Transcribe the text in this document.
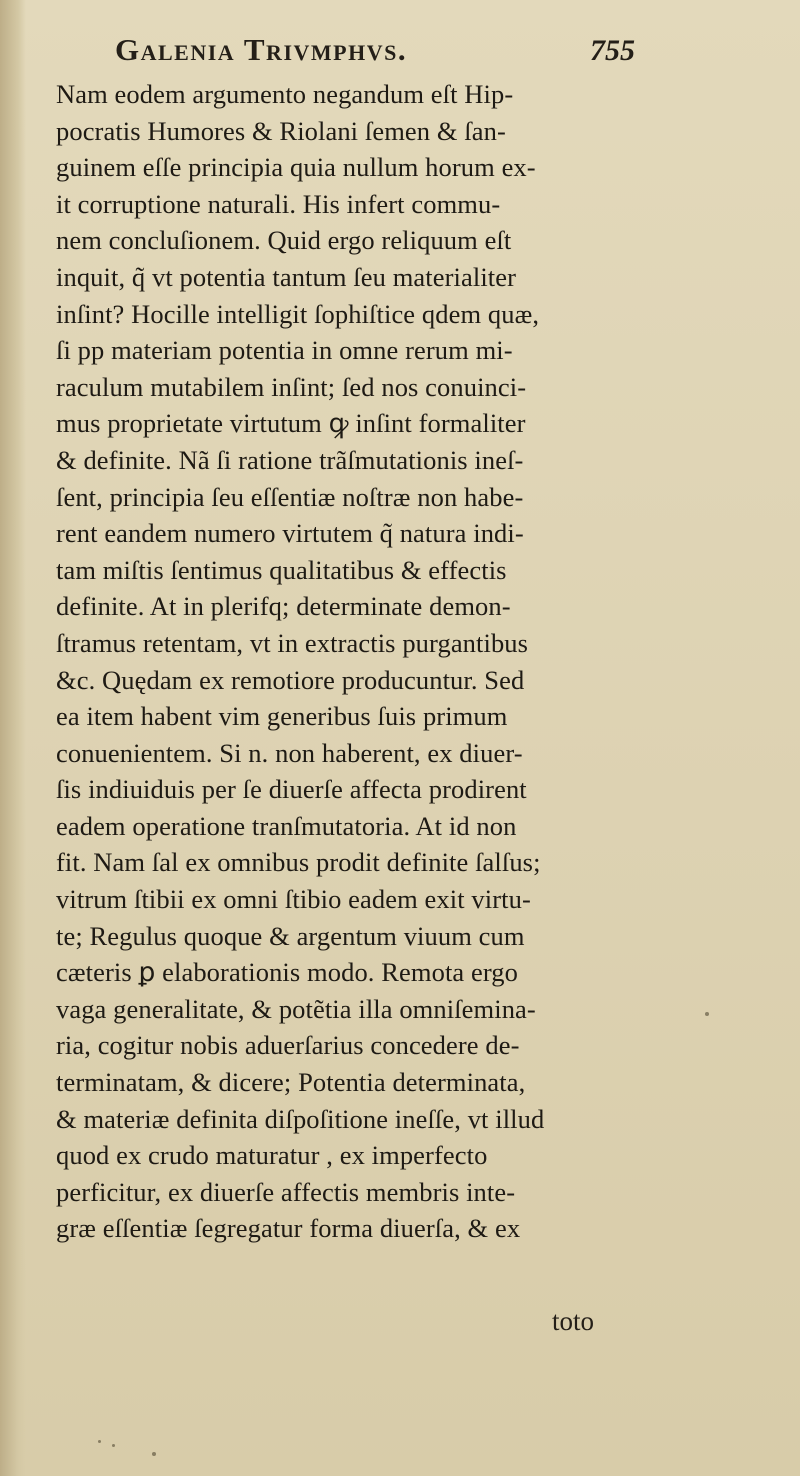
Galenia Trivmphvs.	755
Nam eodem argumento negandum eſt Hip-
pocratis Humores & Riolani ſemen & ſan-
guinem eſſe principia quia nullum horum ex-
it corruptione naturali. His infert commu-
nem concluſionem. Quid ergo reliquum eſt
inquit, q̃ vt potentia tantum ſeu materialiter
inſint? Hocille intelligit ſophiſtice qdem quæ,
ſi pp materiam potentia in omne rerum mi-
raculum mutabilem inſint; ſed nos conuinci-
mus proprietate virtutum ꝙ inſint formaliter
& definite. Nã ſi ratione trãſmutationis ineſ-
ſent, principia ſeu eſſentiæ noſtræ non habe-
rent eandem numero virtutem q̃ natura indi-
tam miſtis ſentimus qualitatibus & effectis
definite. At in plerifq; determinate demon-
ſtramus retentam, vt in extractis purgantibus
&c. Quędam ex remotiore producuntur. Sed
ea item habent vim generibus ſuis primum
conuenientem. Si n. non haberent, ex diuer-
ſis indiuiduis per ſe diuerſe affecta prodirent
eadem operatione tranſmutatoria. At id non
fit. Nam ſal ex omnibus prodit definite ſalſus;
vitrum ſtibii ex omni ſtibio eadem exit virtu-
te; Regulus quoque & argentum viuum cum
cæteris ꝑ elaborationis modo. Remota ergo
vaga generalitate, & potẽtia illa omniſemina-
ria, cogitur nobis aduerſarius concedere de-
terminatam, & dicere; Potentia determinata,
& materiæ definita diſpoſitione ineſſe, vt illud
quod ex crudo maturatur , ex imperfecto
perficitur, ex diuerſe affectis membris inte-
græ eſſentiæ ſegregatur forma diuerſa, & ex
toto
